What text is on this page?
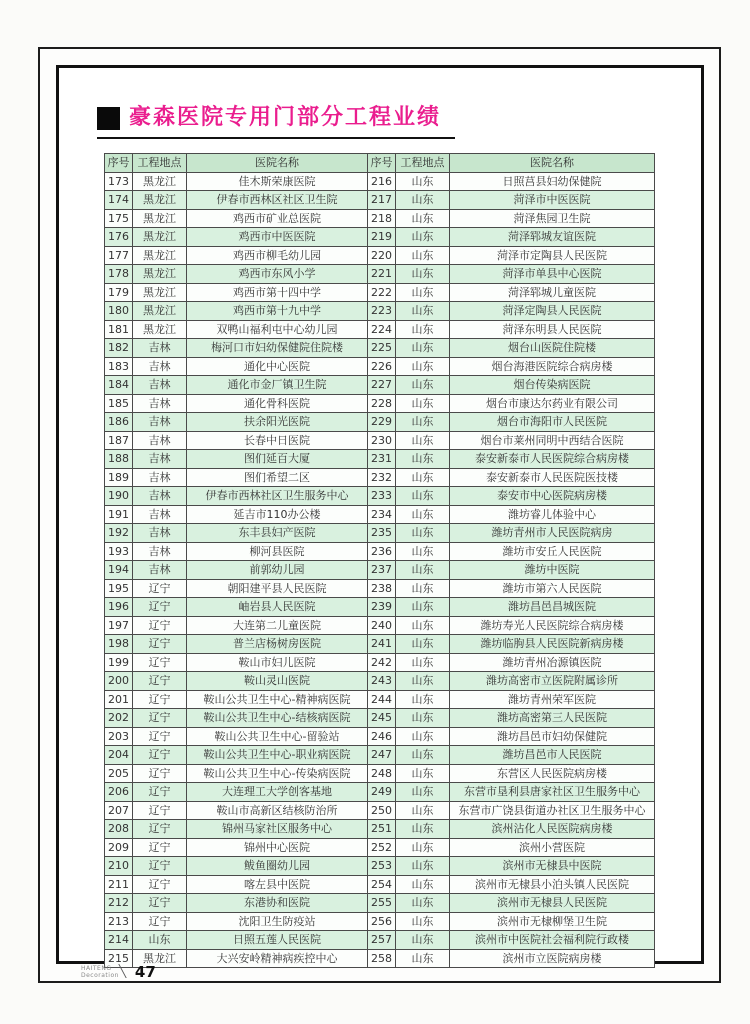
豪森医院专用门部分工程业绩
序号	工程地点	医院名称	序号	工程地点	医院名称
173	黑龙江	佳木斯荣康医院	216	山东	日照莒县妇幼保健院
174	黑龙江	伊春市西林区社区卫生院	217	山东	菏泽市中医医院
175	黑龙江	鸡西市矿业总医院	218	山东	菏泽焦园卫生院
176	黑龙江	鸡西市中医医院	219	山东	菏泽郓城友谊医院
177	黑龙江	鸡西市柳毛幼儿园	220	山东	菏泽市定陶县人民医院
178	黑龙江	鸡西市东风小学	221	山东	菏泽市单县中心医院
179	黑龙江	鸡西市第十四中学	222	山东	菏泽郓城儿童医院
180	黑龙江	鸡西市第十九中学	223	山东	菏泽定陶县人民医院
181	黑龙江	双鸭山福利屯中心幼儿园	224	山东	菏泽东明县人民医院
182	吉林	梅河口市妇幼保健院住院楼	225	山东	烟台山医院住院楼
183	吉林	通化中心医院	226	山东	烟台海港医院综合病房楼
184	吉林	通化市金厂镇卫生院	227	山东	烟台传染病医院
185	吉林	通化骨科医院	228	山东	烟台市康达尔药业有限公司
186	吉林	扶余阳光医院	229	山东	烟台市海阳市人民医院
187	吉林	长春中日医院	230	山东	烟台市莱州同明中西结合医院
188	吉林	图们延百大厦	231	山东	泰安新泰市人民医院综合病房楼
189	吉林	图们希望二区	232	山东	泰安新泰市人民医院医技楼
190	吉林	伊春市西林社区卫生服务中心	233	山东	泰安市中心医院病房楼
191	吉林	延吉市110办公楼	234	山东	潍坊睿儿体验中心
192	吉林	东丰县妇产医院	235	山东	潍坊青州市人民医院病房
193	吉林	柳河县医院	236	山东	潍坊市安丘人民医院
194	吉林	前郭幼儿园	237	山东	潍坊中医院
195	辽宁	朝阳建平县人民医院	238	山东	潍坊市第六人民医院
196	辽宁	岫岩县人民医院	239	山东	潍坊昌邑昌城医院
197	辽宁	大连第二儿童医院	240	山东	潍坊寿光人民医院综合病房楼
198	辽宁	普兰店杨树房医院	241	山东	潍坊临朐县人民医院新病房楼
199	辽宁	鞍山市妇儿医院	242	山东	潍坊青州冶源镇医院
200	辽宁	鞍山灵山医院	243	山东	潍坊高密市立医院附属诊所
201	辽宁	鞍山公共卫生中心-精神病医院	244	山东	潍坊青州荣军医院
202	辽宁	鞍山公共卫生中心-结核病医院	245	山东	潍坊高密第三人民医院
203	辽宁	鞍山公共卫生中心-留验站	246	山东	潍坊昌邑市妇幼保健院
204	辽宁	鞍山公共卫生中心-职业病医院	247	山东	潍坊昌邑市人民医院
205	辽宁	鞍山公共卫生中心-传染病医院	248	山东	东营区人民医院病房楼
206	辽宁	大连理工大学创客基地	249	山东	东营市垦利县唐家社区卫生服务中心
207	辽宁	鞍山市高新区结核防治所	250	山东	东营市广饶县街道办社区卫生服务中心
208	辽宁	锦州马家社区服务中心	251	山东	滨州沾化人民医院病房楼
209	辽宁	锦州中心医院	252	山东	滨州小营医院
210	辽宁	鲅鱼圈幼儿园	253	山东	滨州市无棣县中医院
211	辽宁	喀左县中医院	254	山东	滨州市无棣县小泊头镇人民医院
212	辽宁	东港协和医院	255	山东	滨州市无棣县人民医院
213	辽宁	沈阳卫生防疫站	256	山东	滨州市无棣柳堡卫生院
214	山东	日照五莲人民医院	257	山东	滨州市中医院社会福利院行政楼
215	黑龙江	大兴安岭精神病疾控中心	258	山东	滨州市立医院病房楼
HAITENG
Decoration 47
